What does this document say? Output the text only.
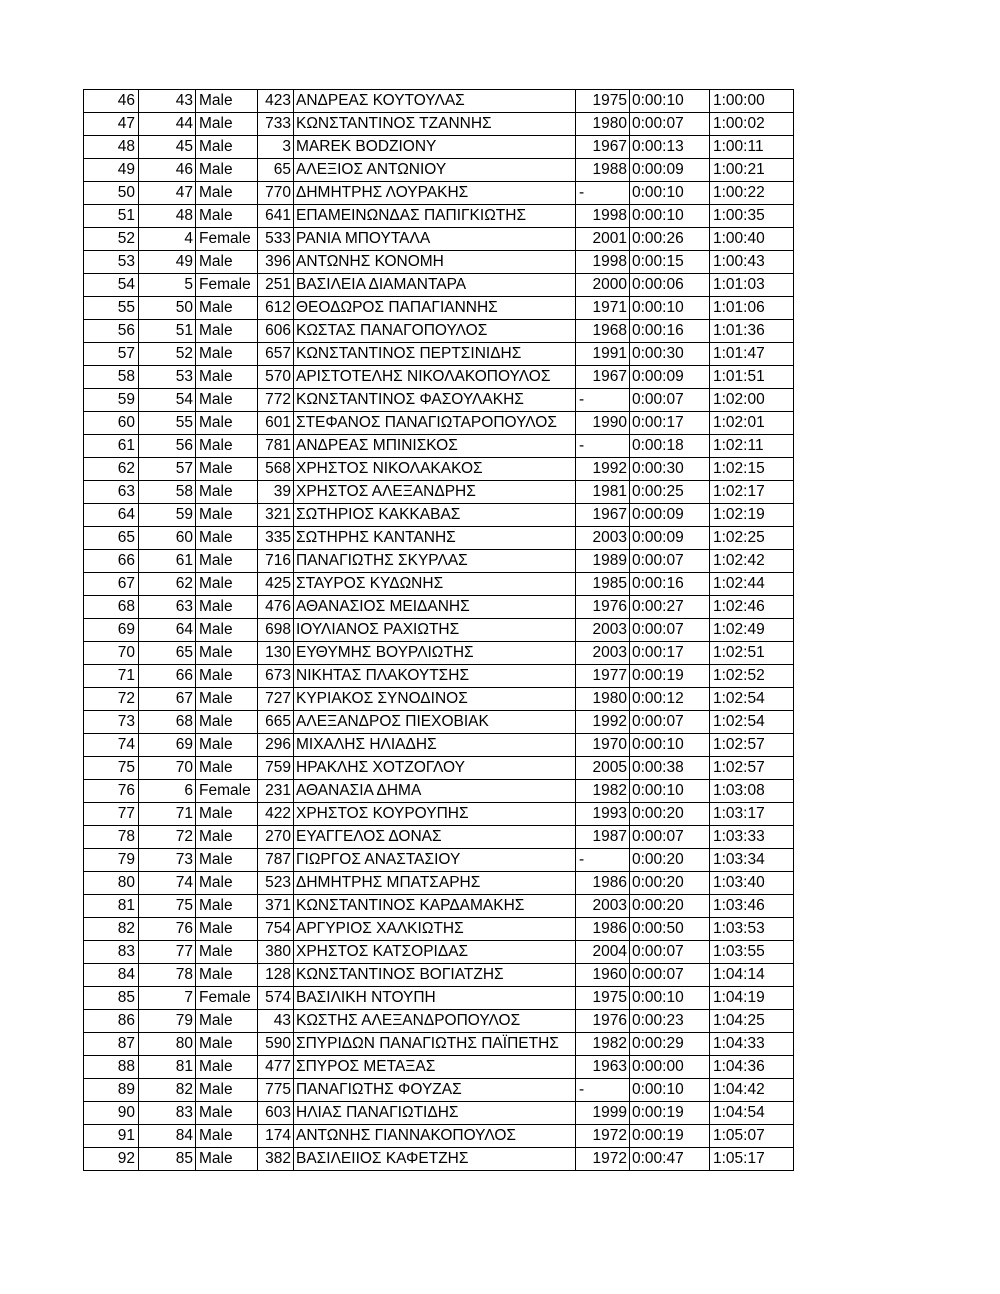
46	43	Male	423	ΑΝΔΡΕΑΣ ΚΟΥΤΟΥΛΑΣ	1975	0:00:10	1:00:00
47	44	Male	733	ΚΩΝΣΤΑΝΤΙΝΟΣ ΤΖΑΝΝΗΣ	1980	0:00:07	1:00:02
48	45	Male	3	MAREK BODZIONY	1967	0:00:13	1:00:11
49	46	Male	65	ΑΛΕΞΙΟΣ ΑΝΤΩΝΙΟΥ	1988	0:00:09	1:00:21
50	47	Male	770	ΔΗΜΗΤΡΗΣ ΛΟΥΡΑΚΗΣ	-	0:00:10	1:00:22
51	48	Male	641	ΕΠΑΜΕΙΝΩΝΔΑΣ ΠΑΠΙΓΚΙΩΤΗΣ	1998	0:00:10	1:00:35
52	4	Female	533	ΡΑΝΙΑ ΜΠΟΥΤΑΛΑ	2001	0:00:26	1:00:40
53	49	Male	396	ΑΝΤΩΝΗΣ ΚΟΝΟΜΗ	1998	0:00:15	1:00:43
54	5	Female	251	ΒΑΣΙΛΕΙΑ ΔΙΑΜΑΝΤΑΡΑ	2000	0:00:06	1:01:03
55	50	Male	612	ΘΕΟΔΩΡΟΣ ΠΑΠΑΓΙΑΝΝΗΣ	1971	0:00:10	1:01:06
56	51	Male	606	ΚΩΣΤΑΣ ΠΑΝΑΓΟΠΟΥΛΟΣ	1968	0:00:16	1:01:36
57	52	Male	657	ΚΩΝΣΤΑΝΤΙΝΟΣ ΠΕΡΤΣΙΝΙΔΗΣ	1991	0:00:30	1:01:47
58	53	Male	570	ΑΡΙΣΤΟΤΕΛΗΣ ΝΙΚΟΛΑΚΟΠΟΥΛΟΣ	1967	0:00:09	1:01:51
59	54	Male	772	ΚΩΝΣΤΑΝΤΙΝΟΣ ΦΑΣΟΥΛΑΚΗΣ	-	0:00:07	1:02:00
60	55	Male	601	ΣΤΕΦΑΝΟΣ ΠΑΝΑΓΙΩΤΑΡΟΠΟΥΛΟΣ	1990	0:00:17	1:02:01
61	56	Male	781	ΑΝΔΡΕΑΣ ΜΠΙΝΙΣΚΟΣ	-	0:00:18	1:02:11
62	57	Male	568	ΧΡΗΣΤΟΣ ΝΙΚΟΛΑΚΑΚΟΣ	1992	0:00:30	1:02:15
63	58	Male	39	ΧΡΗΣΤΟΣ ΑΛΕΞΑΝΔΡΗΣ	1981	0:00:25	1:02:17
64	59	Male	321	ΣΩΤΗΡΙΟΣ ΚΑΚΚΑΒΑΣ	1967	0:00:09	1:02:19
65	60	Male	335	ΣΩΤΗΡΗΣ ΚΑΝΤΑΝΗΣ	2003	0:00:09	1:02:25
66	61	Male	716	ΠΑΝΑΓΙΩΤΗΣ ΣΚΥΡΛΑΣ	1989	0:00:07	1:02:42
67	62	Male	425	ΣΤΑΥΡΟΣ ΚΥΔΩΝΗΣ	1985	0:00:16	1:02:44
68	63	Male	476	ΑΘΑΝΑΣΙΟΣ ΜΕΙΔΑΝΗΣ	1976	0:00:27	1:02:46
69	64	Male	698	ΙΟΥΛΙΑΝΟΣ ΡΑΧΙΩΤΗΣ	2003	0:00:07	1:02:49
70	65	Male	130	ΕΥΘΥΜΗΣ ΒΟΥΡΛΙΩΤΗΣ	2003	0:00:17	1:02:51
71	66	Male	673	ΝΙΚΗΤΑΣ ΠΛΑΚΟΥΤΣΗΣ	1977	0:00:19	1:02:52
72	67	Male	727	ΚΥΡΙΑΚΟΣ ΣΥΝΟΔΙΝΟΣ	1980	0:00:12	1:02:54
73	68	Male	665	ΑΛΕΞΑΝΔΡΟΣ ΠΙΕΧΟΒΙΑΚ	1992	0:00:07	1:02:54
74	69	Male	296	ΜΙΧΑΛΗΣ ΗΛΙΑΔΗΣ	1970	0:00:10	1:02:57
75	70	Male	759	ΗΡΑΚΛΗΣ ΧΟΤΖΟΓΛΟΥ	2005	0:00:38	1:02:57
76	6	Female	231	ΑΘΑΝΑΣΙΑ ΔΗΜΑ	1982	0:00:10	1:03:08
77	71	Male	422	ΧΡΗΣΤΟΣ ΚΟΥΡΟΥΠΗΣ	1993	0:00:20	1:03:17
78	72	Male	270	ΕΥΑΓΓΕΛΟΣ ΔΟΝΑΣ	1987	0:00:07	1:03:33
79	73	Male	787	ΓΙΩΡΓΟΣ ΑΝΑΣΤΑΣΙΟΥ	-	0:00:20	1:03:34
80	74	Male	523	ΔΗΜΗΤΡΗΣ ΜΠΑΤΣΑΡΗΣ	1986	0:00:20	1:03:40
81	75	Male	371	ΚΩΝΣΤΑΝΤΙΝΟΣ ΚΑΡΔΑΜΑΚΗΣ	2003	0:00:20	1:03:46
82	76	Male	754	ΑΡΓΥΡΙΟΣ ΧΑΛΚΙΩΤΗΣ	1986	0:00:50	1:03:53
83	77	Male	380	ΧΡΗΣΤΟΣ ΚΑΤΣΟΡΙΔΑΣ	2004	0:00:07	1:03:55
84	78	Male	128	ΚΩΝΣΤΑΝΤΙΝΟΣ ΒΟΓΙΑΤΖΗΣ	1960	0:00:07	1:04:14
85	7	Female	574	ΒΑΣΙΛΙΚΗ ΝΤΟΥΠΗ	1975	0:00:10	1:04:19
86	79	Male	43	ΚΩΣΤΗΣ ΑΛΕΞΑΝΔΡΟΠΟΥΛΟΣ	1976	0:00:23	1:04:25
87	80	Male	590	ΣΠΥΡΙΔΩΝ ΠΑΝΑΓΙΩΤΗΣ ΠΑΪΠΕΤΗΣ	1982	0:00:29	1:04:33
88	81	Male	477	ΣΠΥΡΟΣ ΜΕΤΑΞΑΣ	1963	0:00:00	1:04:36
89	82	Male	775	ΠΑΝΑΓΙΩΤΗΣ ΦΟΥΖΑΣ	-	0:00:10	1:04:42
90	83	Male	603	ΗΛΙΑΣ ΠΑΝΑΓΙΩΤΙΔΗΣ	1999	0:00:19	1:04:54
91	84	Male	174	ΑΝΤΩΝΗΣ ΓΙΑΝΝΑΚΟΠΟΥΛΟΣ	1972	0:00:19	1:05:07
92	85	Male	382	ΒΑΣΙΛΕΙΙΟΣ ΚΑΦΕΤΖΗΣ	1972	0:00:47	1:05:17
